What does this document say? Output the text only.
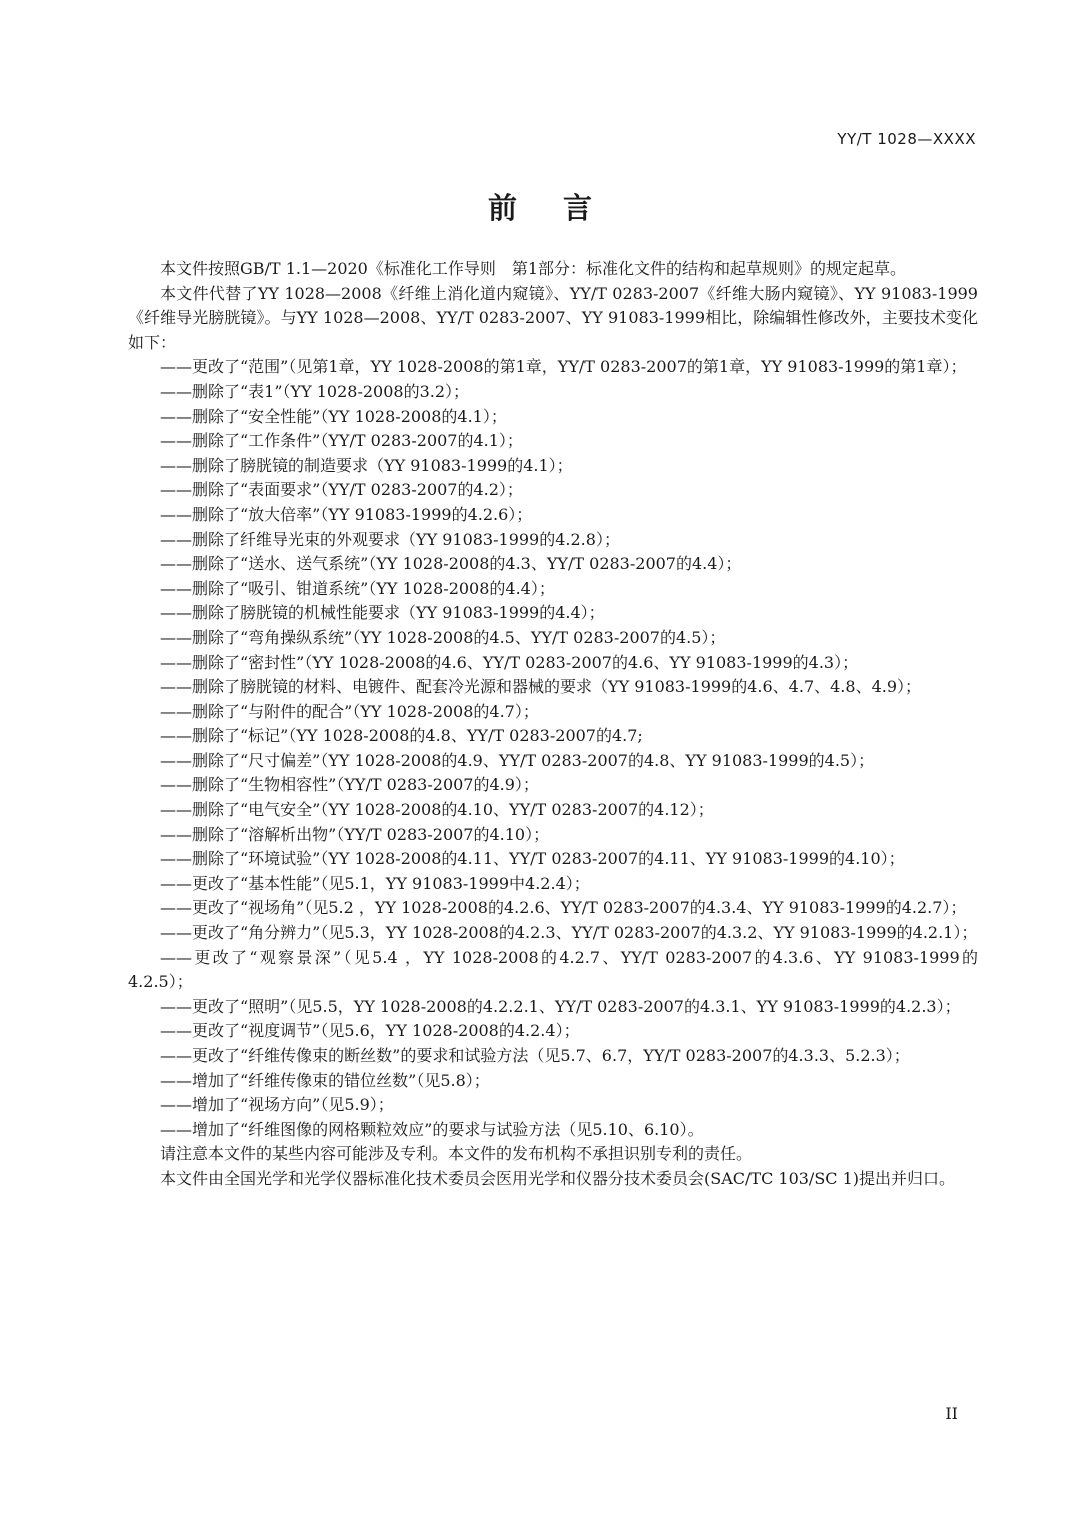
YY/T 1028—XXXX
前言

本文件按照GB/T 1.1—2020《标准化工作导则　第1部分：标准化文件的结构和起草规则》的规定起草。

本文件代替了YY 1028—2008《纤维上消化道内窥镜》、YY/T 0283-2007《纤维大肠内窥镜》、YY 91083-1999《纤维导光膀胱镜》。与YY 1028—2008、YY/T 0283-2007、YY 91083-1999相比，除编辑性修改外，主要技术变化如下：

——更改了“范围”（见第1章，YY 1028-2008的第1章，YY/T 0283-2007的第1章，YY 91083-1999的第1章）；

——删除了“表1”（YY 1028-2008的3.2）；

——删除了“安全性能”（YY 1028-2008的4.1）；

——删除了“工作条件”（YY/T 0283-2007的4.1）；

——删除了膀胱镜的制造要求（YY 91083-1999的4.1）；

——删除了“表面要求”（YY/T 0283-2007的4.2）；

——删除了“放大倍率”（YY 91083-1999的4.2.6）；

——删除了纤维导光束的外观要求（YY 91083-1999的4.2.8）；

——删除了“送水、送气系统”（YY 1028-2008的4.3、YY/T 0283-2007的4.4）；

——删除了“吸引、钳道系统”（YY 1028-2008的4.4）；

——删除了膀胱镜的机械性能要求（YY 91083-1999的4.4）；

——删除了“弯角操纵系统”（YY 1028-2008的4.5、YY/T 0283-2007的4.5）；

——删除了“密封性”（YY 1028-2008的4.6、YY/T 0283-2007的4.6、YY 91083-1999的4.3）；

——删除了膀胱镜的材料、电镀件、配套冷光源和器械的要求（YY 91083-1999的4.6、4.7、4.8、4.9）；

——删除了“与附件的配合”（YY 1028-2008的4.7）；

——删除了“标记”（YY 1028-2008的4.8、YY/T 0283-2007的4.7;

——删除了“尺寸偏差”（YY 1028-2008的4.9、YY/T 0283-2007的4.8、YY 91083-1999的4.5）；

——删除了“生物相容性”（YY/T 0283-2007的4.9）；

——删除了“电气安全”（YY 1028-2008的4.10、YY/T 0283-2007的4.12）；

——删除了“溶解析出物”（YY/T 0283-2007的4.10）；

——删除了“环境试验”（YY 1028-2008的4.11、YY/T 0283-2007的4.11、YY 91083-1999的4.10）；

——更改了“基本性能”（见5.1，YY 91083-1999中4.2.4）；

——更改了“视场角”（见5.2 ，YY 1028-2008的4.2.6、YY/T 0283-2007的4.3.4、YY 91083-1999的4.2.7）；

——更改了“角分辨力”（见5.3，YY 1028-2008的4.2.3、YY/T 0283-2007的4.3.2、YY 91083-1999的4.2.1）；

——更改了“观察景深”（见5.4 ，YY 1028-2008的4.2.7、YY/T 0283-2007的4.3.6、YY 91083-1999的4.2.5）；

——更改了“照明”（见5.5，YY 1028-2008的4.2.2.1、YY/T 0283-2007的4.3.1、YY 91083-1999的4.2.3）；

——更改了“视度调节”（见5.6，YY 1028-2008的4.2.4）；

——更改了“纤维传像束的断丝数”的要求和试验方法（见5.7、6.7，YY/T 0283-2007的4.3.3、5.2.3）；

——增加了“纤维传像束的错位丝数”（见5.8）；

——增加了“视场方向”（见5.9）；

——增加了“纤维图像的网格颗粒效应”的要求与试验方法（见5.10、6.10）。

请注意本文件的某些内容可能涉及专利。本文件的发布机构不承担识别专利的责任。

本文件由全国光学和光学仪器标准化技术委员会医用光学和仪器分技术委员会(SAC/TC 103/SC 1)提出并归口。

II
